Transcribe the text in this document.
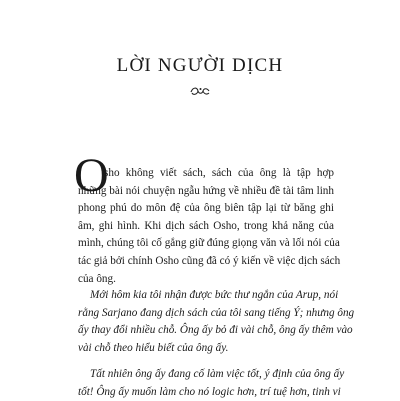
LỜI NGƯỜI DỊCH
O
sho không viết sách, sách của ông là tập hợp
những bài nói chuyện ngẫu hứng về nhiều đề tài tâm linh
phong phú do môn đệ của ông biên tập lại từ băng ghi
âm, ghi hình. Khi dịch sách Osho, trong khả năng của
mình, chúng tôi cố gắng giữ đúng giọng văn và lối nói của
tác giả bởi chính Osho cũng đã có ý kiến về việc dịch sách
của ông.
Mới hôm kia tôi nhận được bức thư ngắn của Arup, nói
rằng Sarjano đang dịch sách của tôi sang tiếng Ý; nhưng ông
ấy thay đổi nhiều chỗ. Ông ấy bỏ đi vài chỗ, ông ấy thêm vào
vài chỗ theo hiểu biết của ông ấy.
Tất nhiên ông ấy đang cố làm việc tốt, ý định của ông ấy
tốt! Ông ấy muốn làm cho nó logic hơn, trí tuệ hơn, tinh vi
